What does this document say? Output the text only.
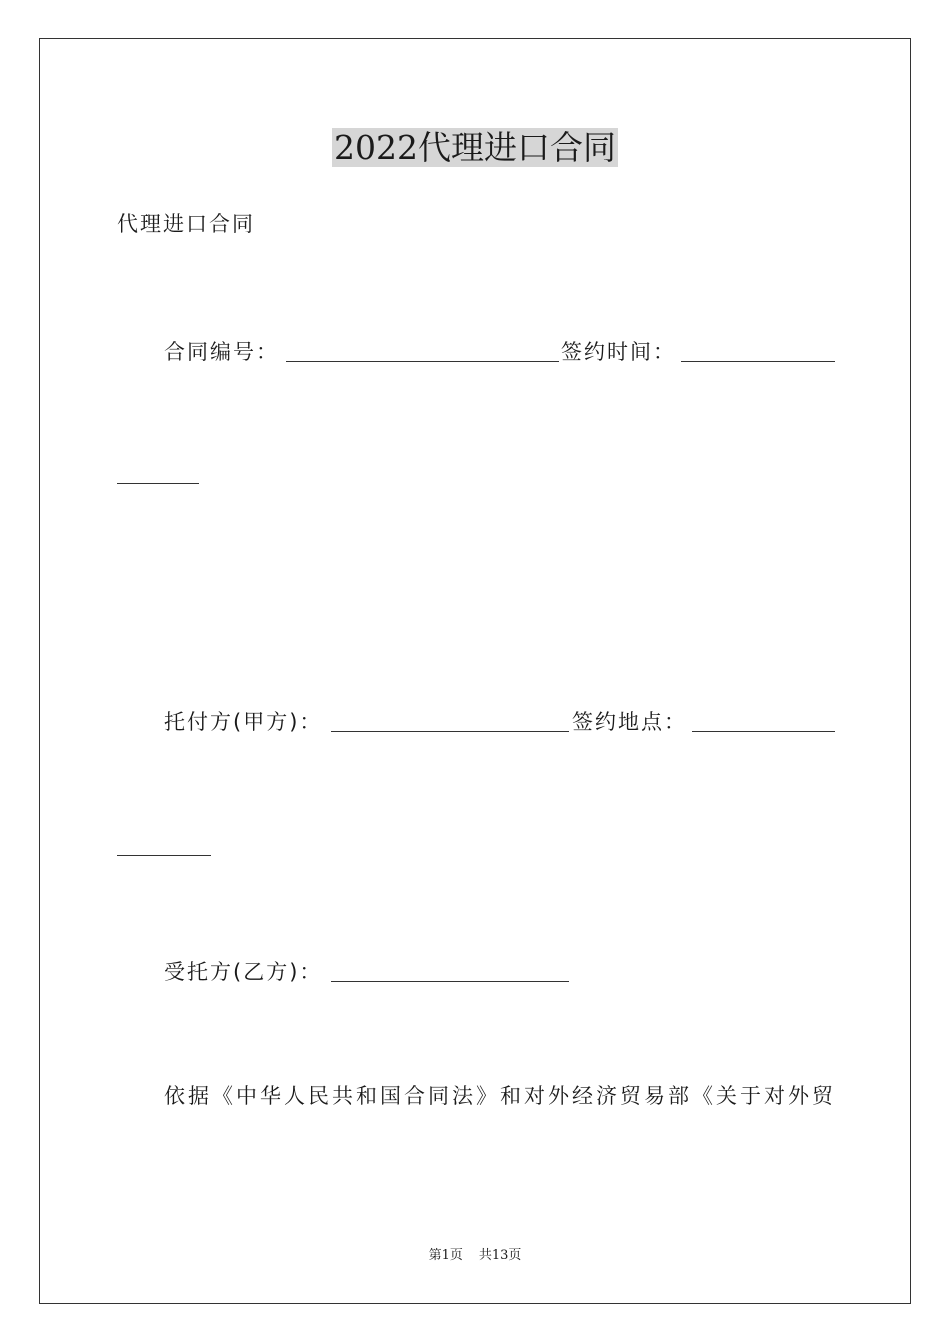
2022代理进口合同
代理进口合同
合同编号：	签约时间：
托付方(甲方)：	签约地点：
受托方(乙方)：
依据《中华人民共和国合同法》和对外经济贸易部《关于对外贸
第1页 共13页
